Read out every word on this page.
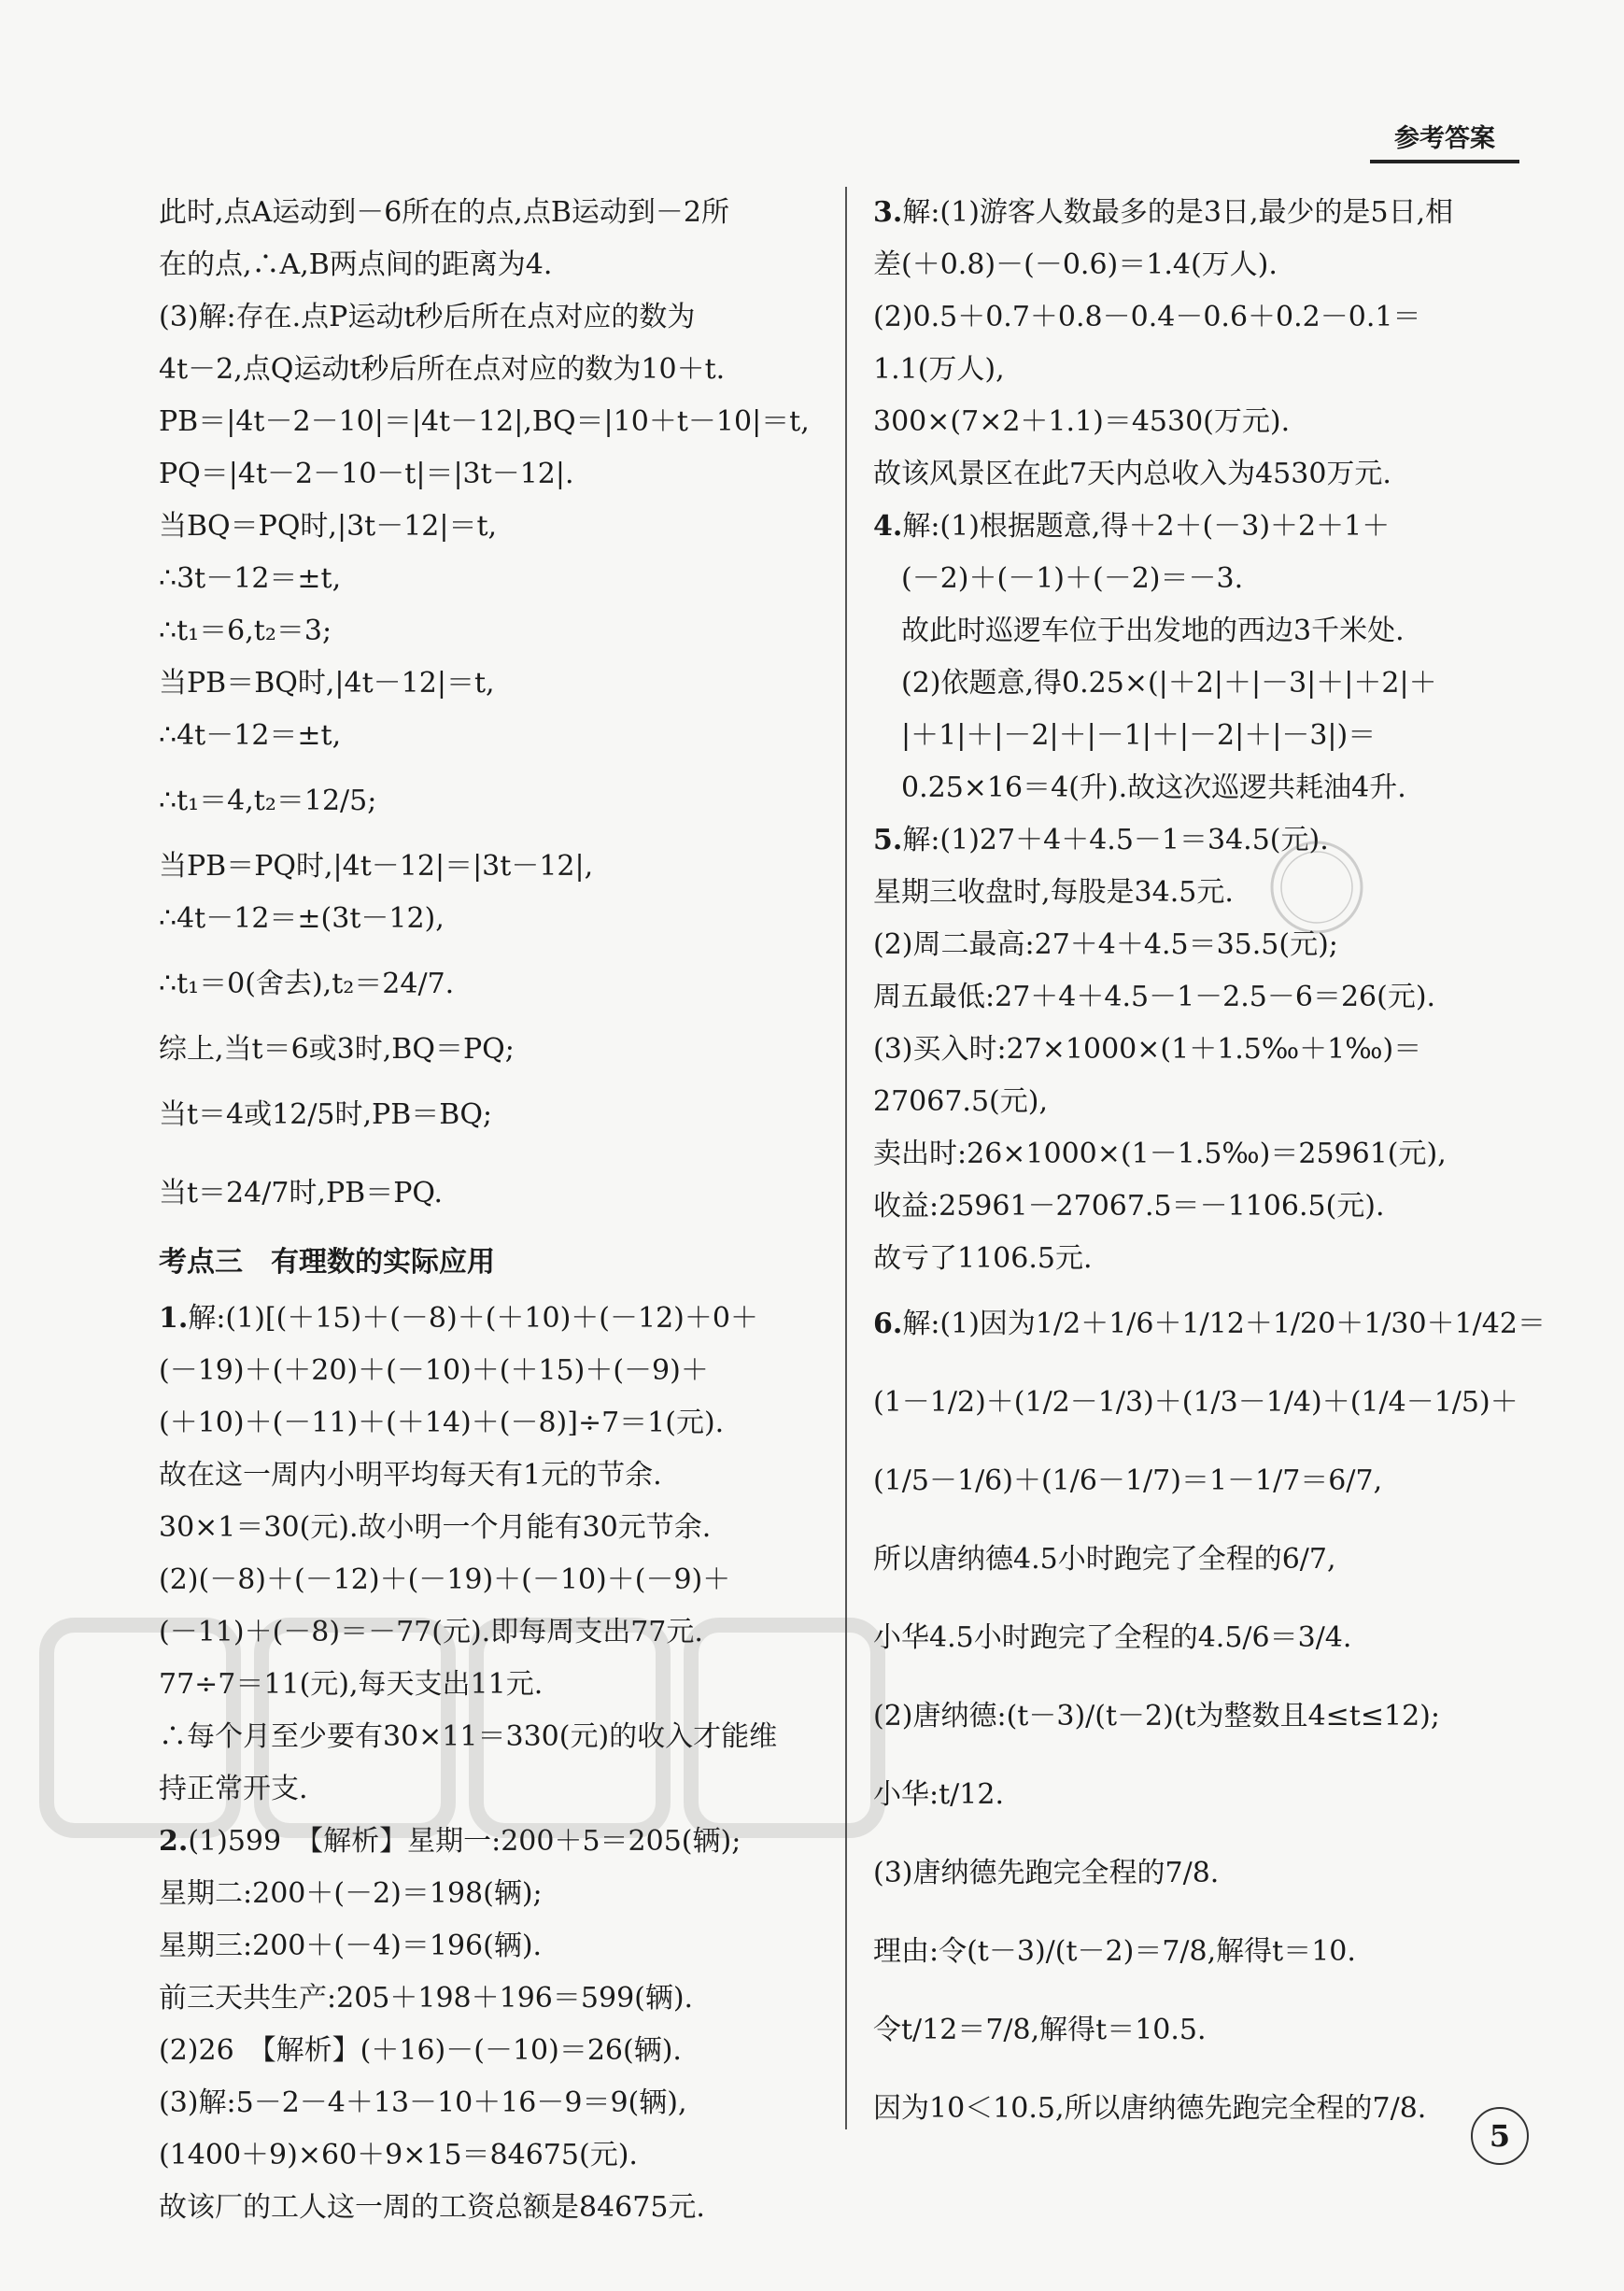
参考答案
此时,点A运动到－6所在的点,点B运动到－2所
在的点,∴A,B两点间的距离为4.
(3)解:存在.点P运动t秒后所在点对应的数为
4t－2,点Q运动t秒后所在点对应的数为10＋t.
PB＝|4t－2－10|＝|4t－12|,BQ＝|10＋t－10|＝t,
PQ＝|4t－2－10－t|＝|3t－12|.
当BQ＝PQ时,|3t－12|＝t,
∴3t－12＝±t,
∴t₁＝6,t₂＝3;
当PB＝BQ时,|4t－12|＝t,
∴4t－12＝±t,
∴t₁＝4,t₂＝12/5;
当PB＝PQ时,|4t－12|＝|3t－12|,
∴4t－12＝±(3t－12),
∴t₁＝0(舍去),t₂＝24/7.
综上,当t＝6或3时,BQ＝PQ;
当t＝4或12/5时,PB＝BQ;
当t＝24/7时,PB＝PQ.
考点三　有理数的实际应用
1.解:(1)[(＋15)＋(－8)＋(＋10)＋(－12)＋0＋
(－19)＋(＋20)＋(－10)＋(＋15)＋(－9)＋
(＋10)＋(－11)＋(＋14)＋(－8)]÷7＝1(元).
故在这一周内小明平均每天有1元的节余.
30×1＝30(元).故小明一个月能有30元节余.
(2)(－8)＋(－12)＋(－19)＋(－10)＋(－9)＋
(－11)＋(－8)＝－77(元).即每周支出77元.
77÷7＝11(元),每天支出11元.
∴每个月至少要有30×11＝330(元)的收入才能维
持正常开支.
2.(1)599　【解析】星期一:200＋5＝205(辆);
星期二:200＋(－2)＝198(辆);
星期三:200＋(－4)＝196(辆).
前三天共生产:205＋198＋196＝599(辆).
(2)26　【解析】(＋16)－(－10)＝26(辆).
(3)解:5－2－4＋13－10＋16－9＝9(辆),
(1400＋9)×60＋9×15＝84675(元).
故该厂的工人这一周的工资总额是84675元.
3.解:(1)游客人数最多的是3日,最少的是5日,相
差(＋0.8)－(－0.6)＝1.4(万人).
(2)0.5＋0.7＋0.8－0.4－0.6＋0.2－0.1＝
1.1(万人),
300×(7×2＋1.1)＝4530(万元).
故该风景区在此7天内总收入为4530万元.
4.解:(1)根据题意,得＋2＋(－3)＋2＋1＋
　(－2)＋(－1)＋(－2)＝－3.
　故此时巡逻车位于出发地的西边3千米处.
　(2)依题意,得0.25×(|＋2|＋|－3|＋|＋2|＋
　|＋1|＋|－2|＋|－1|＋|－2|＋|－3|)＝
　0.25×16＝4(升).故这次巡逻共耗油4升.
5.解:(1)27＋4＋4.5－1＝34.5(元).
星期三收盘时,每股是34.5元.
(2)周二最高:27＋4＋4.5＝35.5(元);
周五最低:27＋4＋4.5－1－2.5－6＝26(元).
(3)买入时:27×1000×(1＋1.5‰＋1‰)＝
27067.5(元),
卖出时:26×1000×(1－1.5‰)＝25961(元),
收益:25961－27067.5＝－1106.5(元).
故亏了1106.5元.
6.解:(1)因为1/2＋1/6＋1/12＋1/20＋1/30＋1/42＝
(1－1/2)＋(1/2－1/3)＋(1/3－1/4)＋(1/4－1/5)＋
(1/5－1/6)＋(1/6－1/7)＝1－1/7＝6/7,
所以唐纳德4.5小时跑完了全程的6/7,
小华4.5小时跑完了全程的4.5/6＝3/4.
(2)唐纳德:(t－3)/(t－2)(t为整数且4≤t≤12);
小华:t/12.
(3)唐纳德先跑完全程的7/8.
理由:令(t－3)/(t－2)＝7/8,解得t＝10.
令t/12＝7/8,解得t＝10.5.
因为10＜10.5,所以唐纳德先跑完全程的7/8.
5
